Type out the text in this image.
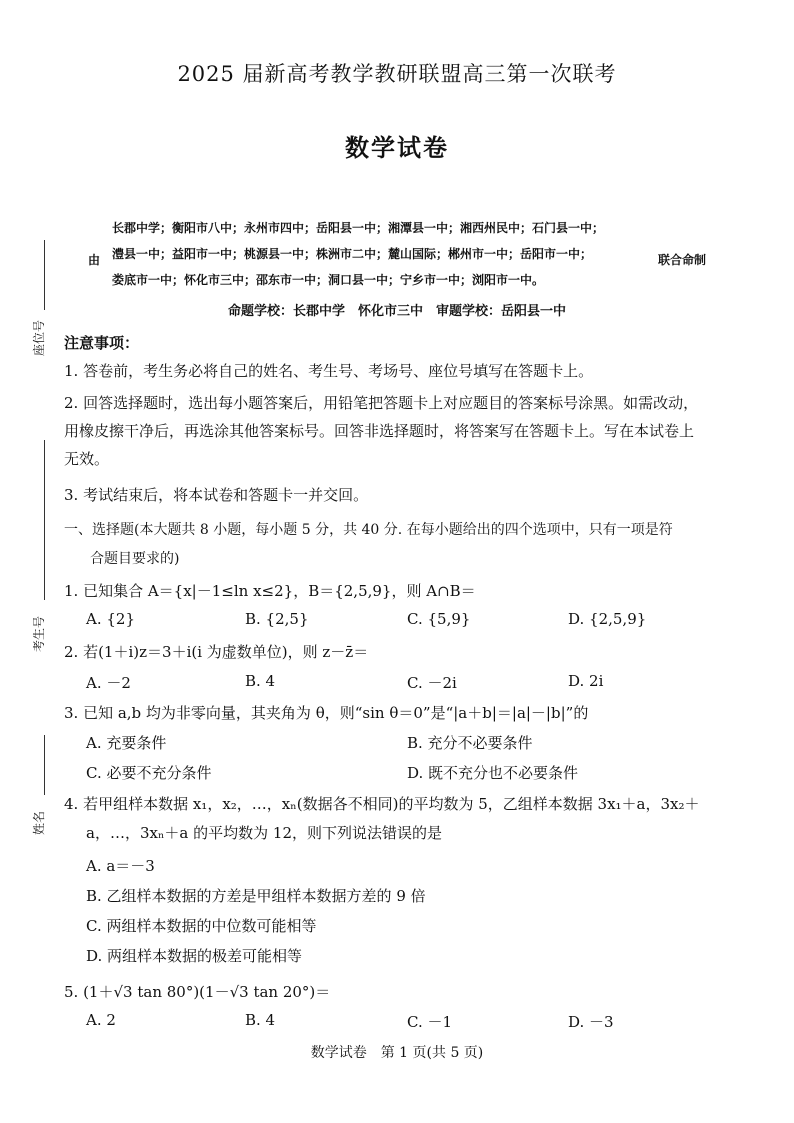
2025 届新高考教学教研联盟高三第一次联考
数学试卷
长郡中学；衡阳市八中；永州市四中；岳阳县一中；湘潭县一中；湘西州民中；石门县一中；
澧县一中；益阳市一中；桃源县一中；株洲市二中；麓山国际；郴州市一中；岳阳市一中；
娄底市一中；怀化市三中；邵东市一中；洞口县一中；宁乡市一中；浏阳市一中。
由	联合命制
命题学校：长郡中学　怀化市三中　审题学校：岳阳县一中
座位号
考生号
姓名
注意事项：
1. 答卷前，考生务必将自己的姓名、考生号、考场号、座位号填写在答题卡上。
2. 回答选择题时，选出每小题答案后，用铅笔把答题卡上对应题目的答案标号涂黑。如需改动，
用橡皮擦干净后，再选涂其他答案标号。回答非选择题时，将答案写在答题卡上。写在本试卷上
无效。
3. 考试结束后，将本试卷和答题卡一并交回。
一、选择题(本大题共 8 小题，每小题 5 分，共 40 分. 在每小题给出的四个选项中，只有一项是符
合题目要求的)
1. 已知集合 A＝{x|－1≤ln x≤2}，B＝{2,5,9}，则 A∩B＝
A. {2}	B. {2,5}	C. {5,9}	D. {2,5,9}
2. 若(1＋i)z＝3＋i(i 为虚数单位)，则 z－z̄＝
A. －2	B. 4	C. －2i	D. 2i
3. 已知 a,b 均为非零向量，其夹角为 θ，则“sin θ＝0”是“|a＋b|＝|a|－|b|”的
A. 充要条件	B. 充分不必要条件
C. 必要不充分条件	D. 既不充分也不必要条件
4. 若甲组样本数据 x₁，x₂，…，xₙ(数据各不相同)的平均数为 5，乙组样本数据 3x₁＋a，3x₂＋
a，…，3xₙ＋a 的平均数为 12，则下列说法错误的是
A. a＝－3
B. 乙组样本数据的方差是甲组样本数据方差的 9 倍
C. 两组样本数据的中位数可能相等
D. 两组样本数据的极差可能相等
5. (1＋√3 tan 80°)(1－√3 tan 20°)＝
A. 2	B. 4	C. －1	D. －3
数学试卷　第 1 页(共 5 页)
